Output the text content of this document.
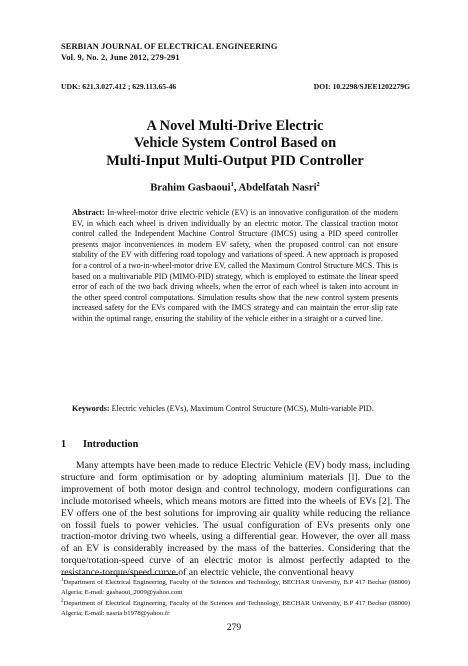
SERBIAN JOURNAL OF ELECTRICAL ENGINEERING
Vol. 9, No. 2, June 2012, 279-291
UDK: 621.3.027.412 ; 629.113.65-46	DOI: 10.2298/SJEE1202279G
A Novel Multi-Drive Electric
Vehicle System Control Based on
Multi-Input Multi-Output PID Controller
Brahim Gasbaoui$^1$, Abdelfatah Nasri$^2$
Abstract: In-wheel-motor drive electric vehicle (EV) is an innovative configuration of the modern EV, in which each wheel is driven individually by an electric motor. The classical traction motor control called the Independent Machine Control Structure (IMCS) using a PID speed controller presents major inconveniences in modern EV safety, when the proposed control can not ensure stability of the EV with differing road topology and variations of speed. A new approach is proposed for a control of a two-in-wheel-motor drive EV, called the Maximum Control Structure MCS. This is based on a multivariable PID (MIMO-PID) strategy, which is employed to estimate the linear speed error of each of the two back driving wheels, when the error of each wheel is taken into account in the other speed control computations. Simulation results show that the new control system presents increased safety for the EVs compared with the IMCS strategy and can maintain the error slip rate within the optimal range, ensuring the stability of the vehicle either in a straight or a curved line.
Keywords: Electric vehicles (EVs), Maximum Control Structure (MCS), Multi-variable PID.
1 Introduction
Many attempts have been made to reduce Electric Vehicle (EV) body mass, including structure and form optimisation or by adopting aluminium materials [l]. Due to the improvement of both motor design and control technology, modern configurations can include motorised wheels, which means motors are fitted into the wheels of EVs [2]. The EV offers one of the best solutions for improving air quality while reducing the reliance on fossil fuels to power vehicles. The usual configuration of EVs presents only one traction-motor driving two wheels, using a differential gear. However, the over all mass of an EV is considerably increased by the mass of the batteries. Considering that the torque/rotation-speed curve of an electric motor is almost perfectly adapted to the resistance-torque/speed curve of an electric vehicle, the conventional heavy
$^1$Department of Electrical Engineering, Faculty of the Sciences and Technology, BECHAR University, B.P 417 Bechar (08000) Algeria; E-mail: gasbaoui_2009@yahoo.com
$^2$Department of Electrical Engineering, Faculty of the Sciences and Technology, BECHAR University, B.P 417 Bechar (08000) Algeria; E-mail: nasria b1978@yahoo.fr
279
